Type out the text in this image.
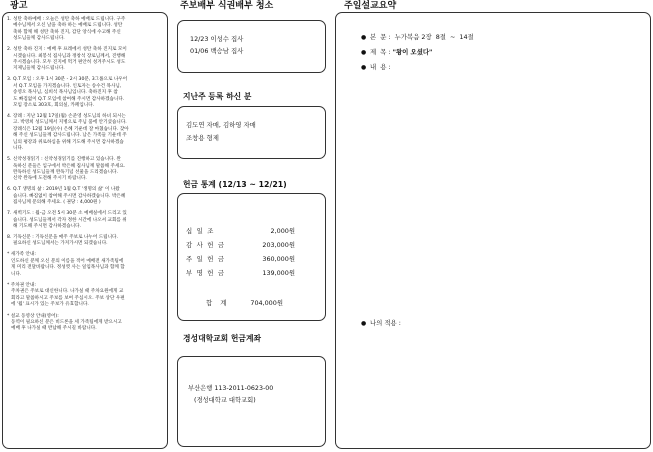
광고	주보배부 식권배부 청소	주일설교요약
1. 성탄 축하예배 : 오늘은 성탄 축하 예배로 드립니다. 구주
예수님께서 오신 날을 축하 하는 예배로 드립니다. 성탄
축하 함께 해 성탄 축하 진지, 감단 앙식에 수고해 주신
성도님들께 감사드립니다.
2. 성탄 축하 진지 : 예배 후 프레에서 성탄 축하 진지로 모이
시겠습니다. 최봉석 집사님과 정창석 장로님께서, 진행해
주시겠습니다. 모두 진지에 먹거 편안히 성겨주시도 성도
지제님들께 감사드립니다.
3. Q.T 모임 : 오후 1시 30분 - 2시 30분, 3그룹으로 나우어
서 Q.T 모임을 가지겠습니다. 인토자는 송수건 목사님,
송영오 목사님, 심희석 목사님입니다. 축하진지 후 참
도 빠짐없이 Q.T 모임에 참여해 주시면 감사하겠습니다.
모임 장소로 303호, 회의실, 카페입니다.
4. 장례 : 지난 12월 17일(월) 손준영 성도님의 하녀 되시는
고. 박영희 성도님께서 지병으로 주님 품에 안기셨습니다.
장례식은 12월 19일(수) 은혜 기운데 잘 마쳤습니다. 찾아
해 주신 성도님들께 감사드립니다. 남은 가족들 기운데 주
님의 평강과 위로하심을 위해 기도해 주시면 감사하겠습
니다.
5. 신약성경읽기 : 신약성경읽기를 진행하고 있습니다. 완
독하신 분들은 입구에서 박은혜 집사님께 말씀해 주세요.
완독하신 성도님들께 완독기념 선물을 드리겠습니다.
신약 완독에 도전해 주시기 바랍니다.
6. Q.T 생명의 삶 : 2019년 1월 Q.T '생명의 삶' 이 나왔
습니다. 빠짐없이 참여해 주시면 감사하겠습니다. 박은혜
집사님께 문의해 주세요. ( 권당 : 4,000원 )
7. 새벽기도 : 월-금 오전 5시 30분 소 예배실에서 드리고 있
습니다. 성도님들께서 각자 정한 시간에 나오셔 교회를 위
해 기도해 주시면 감사하겠습니다.
8. 기독신문 : 기독신문을 매주 주보로 나누어 드립니다.
필요하신 성도님께서는 가져가시면 되겠습니다.
* 새가족 안내:
인도하신 분께 오신 분의 이름을 적어 예배전 새가족팀에
게 미리 전달바랍니다. 정성껏 사는 일임목사님과 함께 합
니다.
* 주차권 안내:
주차권은 주보로 대신한니다. 나가실 때 주차요원에게 교
회라고 말씀하시고 주보를 보여 주십시오. 주보 상단 우편
에 '월' 표시가 있는 주보가 유효합니다.
* 설교 동영상 안내(영어):
동역이 필요하신 분은 비드론을 세 가족팀에게 받으시고
예배 후 나가실 때 반납해 주시길 바랍니다.
12/23 이성수 집사
01/06 백승남 집사
지난주 등록 하신 분
김도연 자매, 김하영 자매
조창용 형제
헌금 통계 (12/13 ~ 12/21)
십 일 조	2,000원
감 사 헌 금	203,000원
주 일 헌 금	360,000원
부 명 헌 금	139,000원
합 계	704,000원
경성대학교회 헌금계좌
부산은행 113-2011-0623-00
(경성대학교 대학교회)
● 본  문 : 누가복음 2장  8절  ~  14절
● 제  목 : "왕이 오셨다"
● 내  용 :
● 나의 적용 :
